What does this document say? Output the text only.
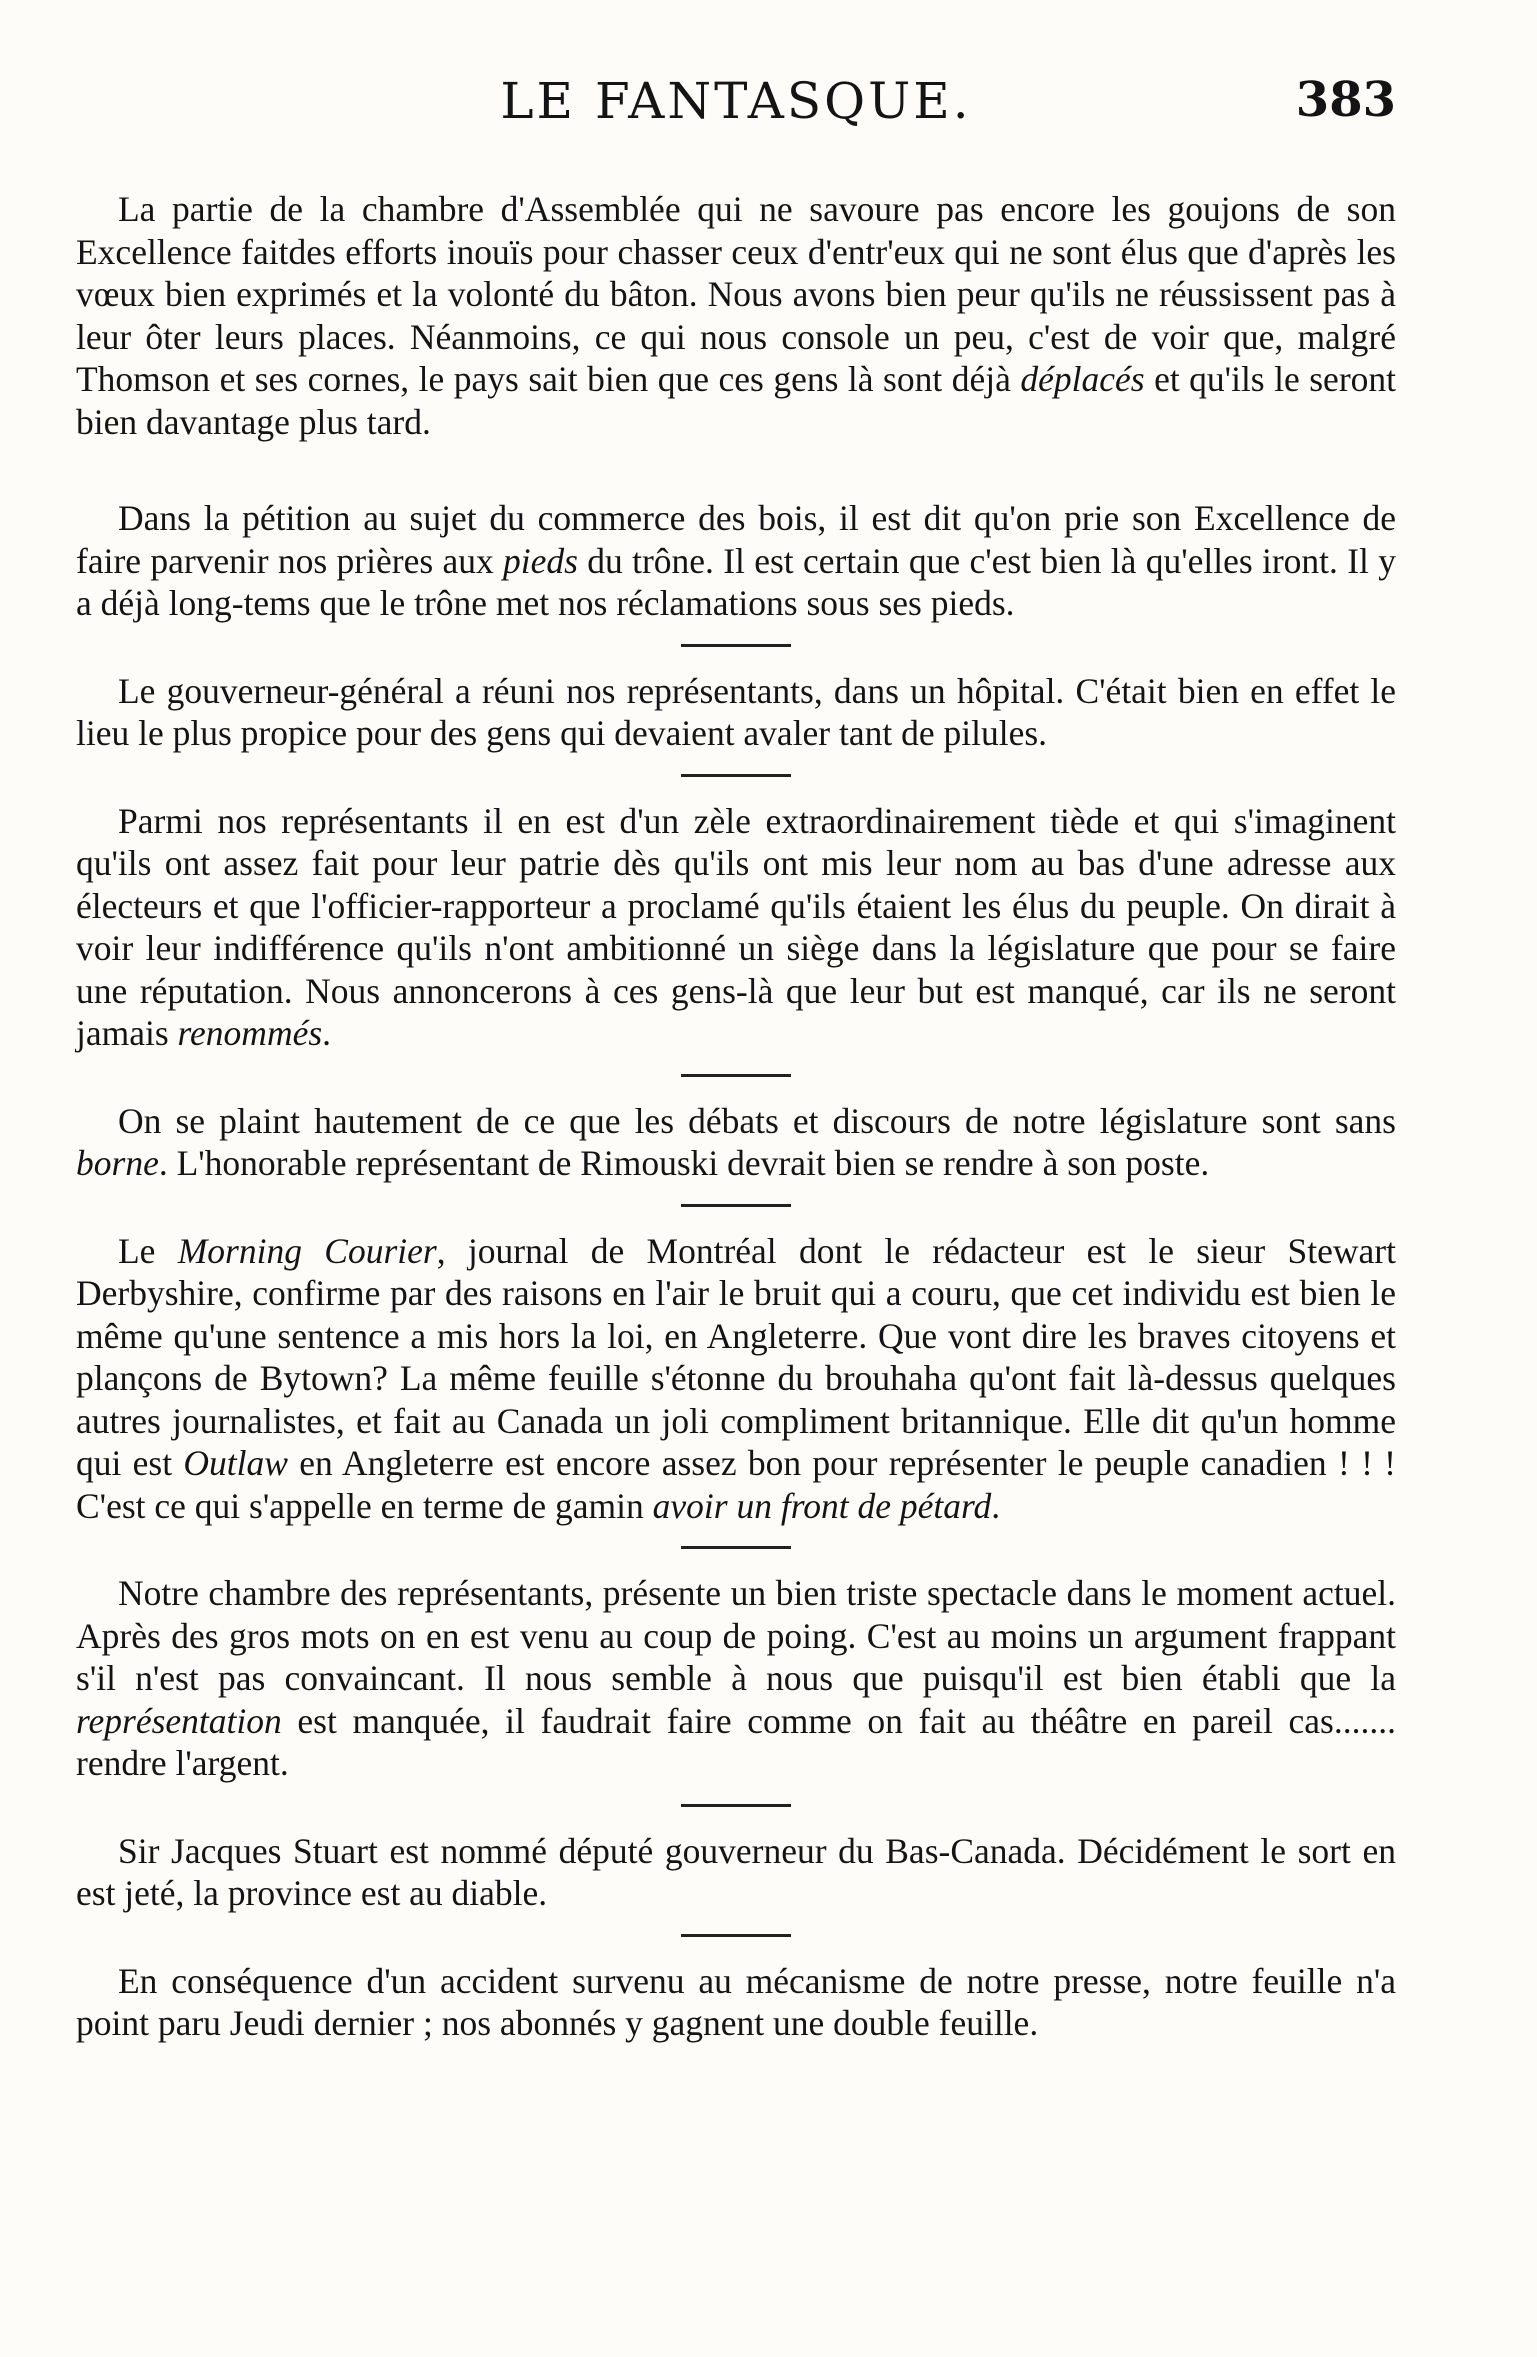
LE FANTASQUE.	383

La partie de la chambre d'Assemblée qui ne savoure pas encore les goujons de son Excellence faitdes efforts inouïs pour chasser ceux d'entr'eux qui ne sont élus que d'après les vœux bien exprimés et la volonté du bâton. Nous avons bien peur qu'ils ne réussissent pas à leur ôter leurs places. Néanmoins, ce qui nous console un peu, c'est de voir que, malgré Thomson et ses cornes, le pays sait bien que ces gens là sont déjà déplacés et qu'ils le seront bien davantage plus tard.

Dans la pétition au sujet du commerce des bois, il est dit qu'on prie son Excellence de faire parvenir nos prières aux pieds du trône. Il est certain que c'est bien là qu'elles iront. Il y a déjà long-tems que le trône met nos réclamations sous ses pieds.

Le gouverneur-général a réuni nos représentants, dans un hôpital. C'était bien en effet le lieu le plus propice pour des gens qui devaient avaler tant de pilules.

Parmi nos représentants il en est d'un zèle extraordinairement tiède et qui s'imaginent qu'ils ont assez fait pour leur patrie dès qu'ils ont mis leur nom au bas d'une adresse aux électeurs et que l'officier-rapporteur a proclamé qu'ils étaient les élus du peuple. On dirait à voir leur indifférence qu'ils n'ont ambitionné un siège dans la législature que pour se faire une réputation. Nous annoncerons à ces gens-là que leur but est manqué, car ils ne seront jamais renommés.

On se plaint hautement de ce que les débats et discours de notre législature sont sans borne. L'honorable représentant de Rimouski devrait bien se rendre à son poste.

Le Morning Courier, journal de Montréal dont le rédacteur est le sieur Stewart Derbyshire, confirme par des raisons en l'air le bruit qui a couru, que cet individu est bien le même qu'une sentence a mis hors la loi, en Angleterre. Que vont dire les braves citoyens et plançons de Bytown? La même feuille s'étonne du brouhaha qu'ont fait là-dessus quelques autres journalistes, et fait au Canada un joli compliment britannique. Elle dit qu'un homme qui est Outlaw en Angleterre est encore assez bon pour représenter le peuple canadien ! ! ! C'est ce qui s'appelle en terme de gamin avoir un front de pétard.

Notre chambre des représentants, présente un bien triste spectacle dans le moment actuel. Après des gros mots on en est venu au coup de poing. C'est au moins un argument frappant s'il n'est pas convaincant. Il nous semble à nous que puisqu'il est bien établi que la représentation est manquée, il faudrait faire comme on fait au théâtre en pareil cas....... rendre l'argent.

Sir Jacques Stuart est nommé député gouverneur du Bas-Canada. Décidément le sort en est jeté, la province est au diable.

En conséquence d'un accident survenu au mécanisme de notre presse, notre feuille n'a point paru Jeudi dernier ; nos abonnés y gagnent une double feuille.
